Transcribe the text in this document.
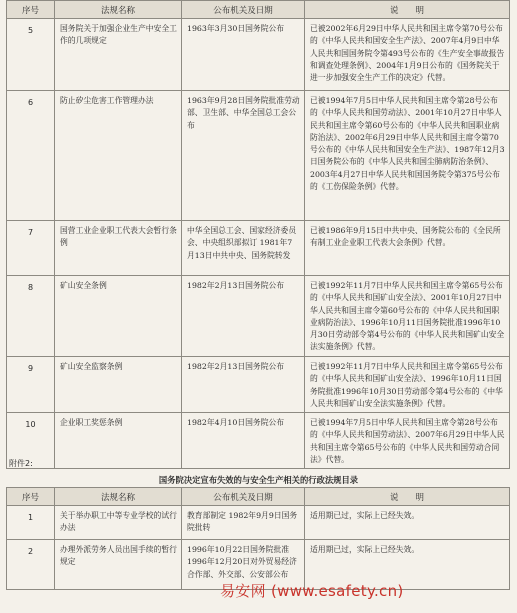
序号	法规名称	公布机关及日期	说　　明
5	国务院关于加强企业生产中安全工作的几项规定	1963年3月30日国务院公布	已被2002年6月29日中华人民共和国主席令第70号公布的《中华人民共和国安全生产法》、2007年4月9日中华人民共和国国务院令第493号公布的《生产安全事故报告和调查处理条例》、2004年1月9日公布的《国务院关于进一步加强安全生产工作的决定》代替。
6	防止矽尘危害工作管理办法	1963年9月28日国务院批准劳动部、卫生部、中华全国总工会公布	已被1994年7月5日中华人民共和国主席令第28号公布的《中华人民共和国劳动法》、2001年10月27日中华人民共和国主席令第60号公布的《中华人民共和国职业病防治法》、2002年6月29日中华人民共和国主席令第70号公布的《中华人民共和国安全生产法》、1987年12月3日国务院公布的《中华人民共和国尘肺病防治条例》、2003年4月27日中华人民共和国国务院令第375号公布的《工伤保险条例》代替。
7	国营工业企业职工代表大会暂行条例	中华全国总工会、国家经济委员会、中央组织部拟订 1981年7月13日中共中央、国务院转发	已被1986年9月15日中共中央、国务院公布的《全民所有制工业企业职工代表大会条例》代替。
8	矿山安全条例	1982年2月13日国务院公布	已被1992年11月7日中华人民共和国主席令第65号公布的《中华人民共和国矿山安全法》、2001年10月27日中华人民共和国主席令第60号公布的《中华人民共和国职业病防治法》、1996年10月11日国务院批准1996年10月30日劳动部令第4号公布的《中华人民共和国矿山安全法实施条例》代替。
9	矿山安全监察条例	1982年2月13日国务院公布	已被1992年11月7日中华人民共和国主席令第65号公布的《中华人民共和国矿山安全法》、1996年10月11日国务院批准1996年10月30日劳动部令第4号公布的《中华人民共和国矿山安全法实施条例》代替。
10	企业职工奖惩条例	1982年4月10日国务院公布	已被1994年7月5日中华人民共和国主席令第28号公布的《中华人民共和国劳动法》、2007年6月29日中华人民共和国主席令第65号公布的《中华人民共和国劳动合同法》代替。
附件2:
国务院决定宣布失效的与安全生产相关的行政法规目录
序号	法规名称	公布机关及日期	说　　明
1	关于举办职工中等专业学校的试行办法	教育部制定 1982年9月9日国务院批转	适用期已过，实际上已经失效。
2	办理外派劳务人员出国手续的暂行规定	1996年10月22日国务院批准1996年12月20日对外贸易经济合作部、外交部、公安部公布	适用期已过，实际上已经失效。
易安网 (www.esafety.cn)
